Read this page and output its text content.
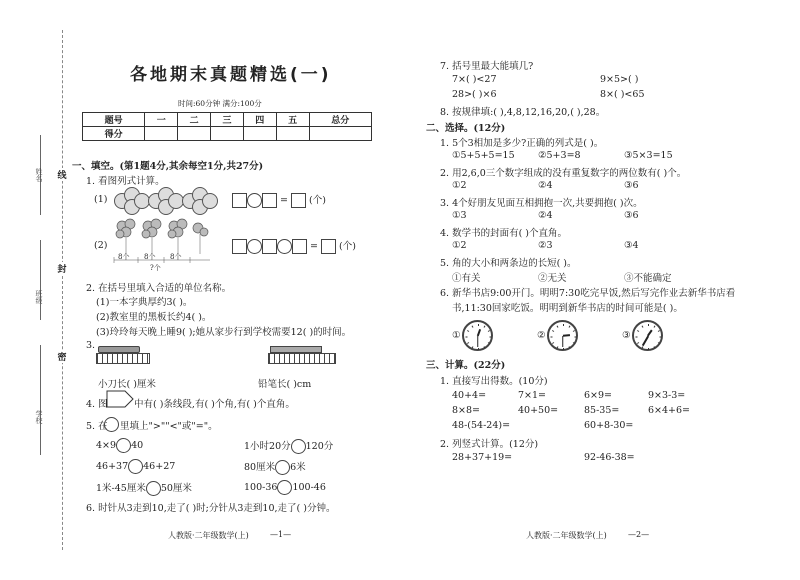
线
封
密
姓名
班级
学校
各地期末真题精选(一)
时间:60分钟 满分:100分
题号	一	二	三	四	五	总分
得分						
一、填空。(第1题4分,其余每空1分,共27分)
1. 看图列式计算。
(1)	=  (个)
(2)
8个 8个 8个
?个
=  (个)
2. 在括号里填入合适的单位名称。
(1)一本字典厚约3( )。
(2)教室里的黑板长约4( )。
(3)玲玲每天晚上睡9( );她从家步行到学校需要12( )的时间。
3.
小刀长( )厘米	铅笔长( )cm
4. 图	中有( )条线段,有( )个角,有( )个直角。
5. 在 里填上">""<"或"="。
4×9 40	1小时20分 120分
46+37 46+27	80厘米 6米
1米-45厘米 50厘米	100-36 100-46
6. 时针从3走到10,走了( )时;分针从3走到10,走了( )分钟。
人教版·二年级数学(上)	—1—
7. 括号里最大能填几?
7×( )<27	9×5>( )
28>( )×6	8×( )<65
8. 按规律填:( ),4,8,12,16,20,( ),28。
二、选择。(12分)
1. 5个3相加是多少?正确的列式是( )。
①5+5+5=15 ②5+3=8	③5×3=15
2. 用2,6,0三个数字组成的没有重复数字的两位数有( )个。
①2	②4	③6
3. 4个好朋友见面互相拥抱一次,共要拥抱( )次。
①3	②4	③6
4. 数学书的封面有( )个直角。
①2	②3	③4
5. 角的大小和两条边的长短( )。
①有关	②无关	③不能确定
6. 新华书店9:00开门。明明7:30吃完早饭,然后写完作业去新华书店看
书,11:30回家吃饭。明明到新华书店的时间可能是( )。
①	②	③
三、计算。(22分)
1. 直接写出得数。(10分)
40+4=	7×1=	6×9=	9×3-3=
8×8=	40+50=	85-35=	6×4+6=
48-(54-24)=	60+8-30=
2. 列竖式计算。(12分)
28+37+19=	92-46-38=
人教版·二年级数学(上)	—2—
